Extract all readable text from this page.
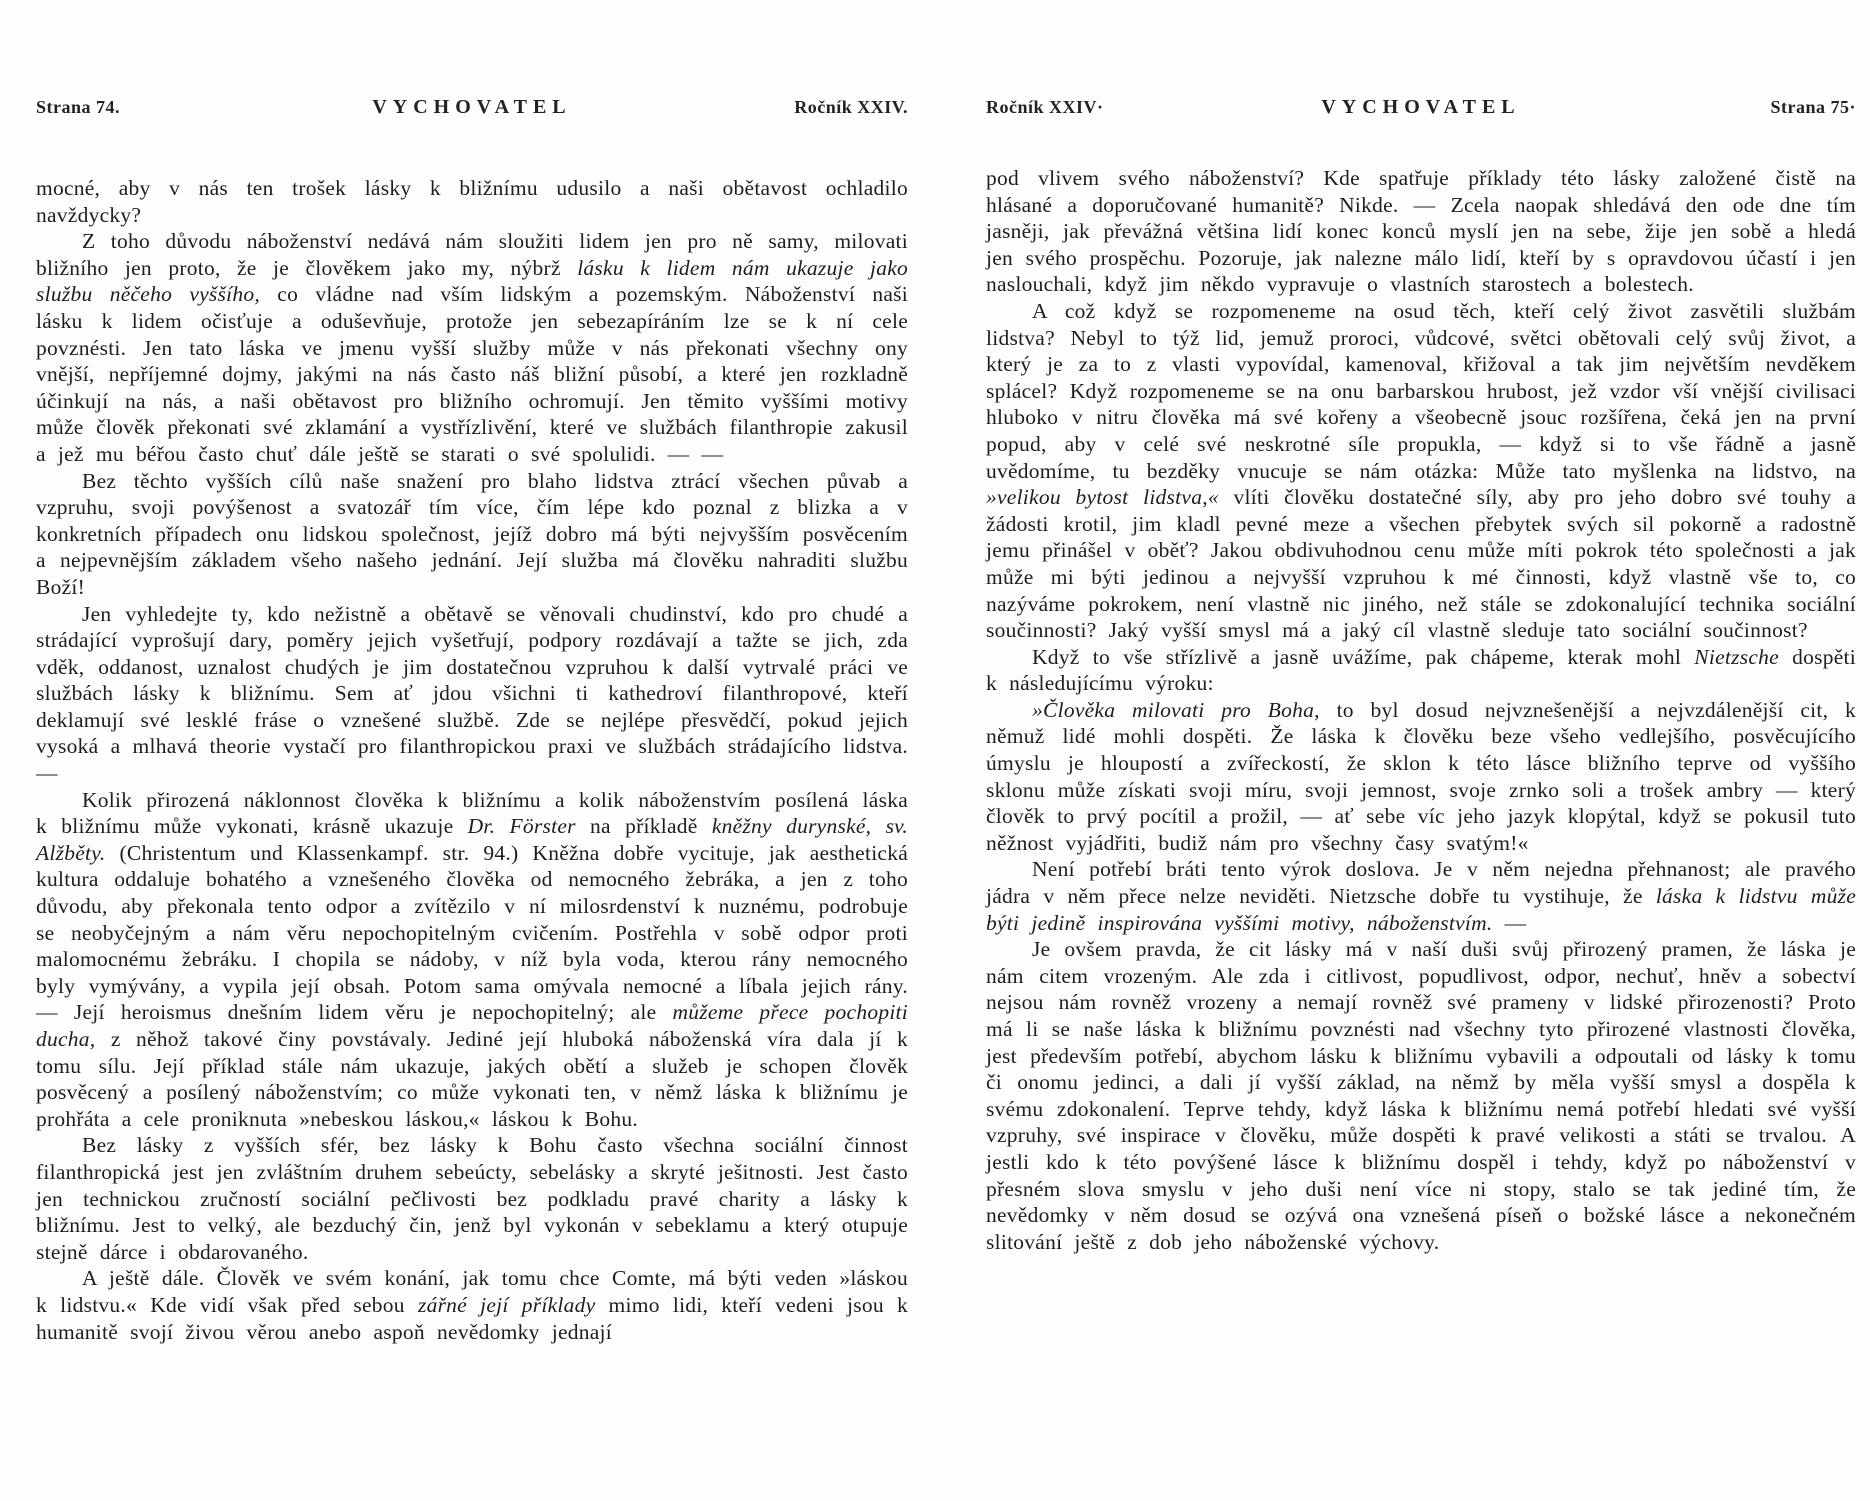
Strana 74.	VYCHOVATEL	Ročník XXIV.

mocné, aby v nás ten trošek lásky k bližnímu udusilo a naši obětavost ochladilo navždycky?

Z toho důvodu náboženství nedává nám sloužiti lidem jen pro ně samy, milovati bližního jen proto, že je člověkem jako my, nýbrž lásku k lidem nám ukazuje jako službu něčeho vyššího, co vládne nad vším lidským a pozemským. Náboženství naši lásku k lidem očisťuje a oduševňuje, protože jen sebezapíráním lze se k ní cele povznésti. Jen tato láska ve jmenu vyšší služby může v nás překonati všechny ony vnější, nepříjemné dojmy, jakými na nás často náš bližní působí, a které jen rozkladně účinkují na nás, a naši obětavost pro bližního ochromují. Jen těmito vyššími motivy může člověk překonati své zklamání a vystřízlivění, které ve službách filanthropie zakusil a jež mu béřou často chuť dále ještě se starati o své spolulidi. — —

Bez těchto vyšších cílů naše snažení pro blaho lidstva ztrácí všechen půvab a vzpruhu, svoji povýšenost a svatozář tím více, čím lépe kdo poznal z blizka a v konkretních případech onu lidskou společnost, jejíž dobro má býti nejvyšším posvěcením a nejpevnějším základem všeho našeho jednání. Její služba má člověku nahraditi službu Boží!

Jen vyhledejte ty, kdo nežistně a obětavě se věnovali chudinství, kdo pro chudé a strádající vyprošují dary, poměry jejich vyšetřují, podpory rozdávají a tažte se jich, zda vděk, oddanost, uznalost chudých je jim dostatečnou vzpruhou k další vytrvalé práci ve službách lásky k bližnímu. Sem ať jdou všichni ti kathedroví filanthropové, kteří deklamují své lesklé fráse o vznešené službě. Zde se nejlépe přesvědčí, pokud jejich vysoká a mlhavá theorie vystačí pro filanthropickou praxi ve službách strádajícího lidstva. —

Kolik přirozená náklonnost člověka k bližnímu a kolik náboženstvím posílená láska k bližnímu může vykonati, krásně ukazuje Dr. Förster na příkladě kněžny durynské, sv. Alžběty. (Christentum und Klassenkampf. str. 94.) Kněžna dobře vycituje, jak aesthetická kultura oddaluje bohatého a vznešeného člověka od nemocného žebráka, a jen z toho důvodu, aby překonala tento odpor a zvítězilo v ní milosrdenství k nuznému, podrobuje se neobyčejným a nám věru nepochopitelným cvičením. Postřehla v sobě odpor proti malomocnému žebráku. I chopila se nádoby, v níž byla voda, kterou rány nemocného byly vymývány, a vypila její obsah. Potom sama omývala nemocné a líbala jejich rány. — Její heroismus dnešním lidem věru je nepochopitelný; ale můžeme přece pochopiti ducha, z něhož takové činy povstávaly. Jediné její hluboká náboženská víra dala jí k tomu sílu. Její příklad stále nám ukazuje, jakých obětí a služeb je schopen člověk posvěcený a posílený náboženstvím; co může vykonati ten, v němž láska k bližnímu je prohřáta a cele proniknuta »nebeskou láskou,« láskou k Bohu.

Bez lásky z vyšších sfér, bez lásky k Bohu často všechna sociální činnost filanthropická jest jen zvláštním druhem sebeúcty, sebelásky a skryté ješitnosti. Jest často jen technickou zručností sociální pečlivosti bez podkladu pravé charity a lásky k bližnímu. Jest to velký, ale bezduchý čin, jenž byl vykonán v sebeklamu a který otupuje stejně dárce i obdarovaného.

A ještě dále. Člověk ve svém konání, jak tomu chce Comte, má býti veden »láskou k lidstvu.« Kde vidí však před sebou zářné její příklady mimo lidi, kteří vedeni jsou k humanitě svojí živou věrou anebo aspoň nevědomky jednají

Ročník XXIV·	VYCHOVATEL	Strana 75·

pod vlivem svého náboženství? Kde spatřuje příklady této lásky založené čistě na hlásané a doporučované humanitě? Nikde. — Zcela naopak shledává den ode dne tím jasněji, jak převážná většina lidí konec konců myslí jen na sebe, žije jen sobě a hledá jen svého prospěchu. Pozoruje, jak nalezne málo lidí, kteří by s opravdovou účastí i jen naslouchali, když jim někdo vypravuje o vlastních starostech a bolestech.

A což když se rozpomeneme na osud těch, kteří celý život zasvětili službám lidstva? Nebyl to týž lid, jemuž proroci, vůdcové, světci obětovali celý svůj život, a který je za to z vlasti vypovídal, kamenoval, křižoval a tak jim největším nevděkem splácel? Když rozpomeneme se na onu barbarskou hrubost, jež vzdor vší vnější civilisaci hluboko v nitru člověka má své kořeny a všeobecně jsouc rozšířena, čeká jen na první popud, aby v celé své neskrotné síle propukla, — když si to vše řádně a jasně uvědomíme, tu bezděky vnucuje se nám otázka: Může tato myšlenka na lidstvo, na »velikou bytost lidstva,« vlíti člověku dostatečné síly, aby pro jeho dobro své touhy a žádosti krotil, jim kladl pevné meze a všechen přebytek svých sil pokorně a radostně jemu přinášel v oběť? Jakou obdivuhodnou cenu může míti pokrok této společnosti a jak může mi býti jedinou a nejvyšší vzpruhou k mé činnosti, když vlastně vše to, co nazýváme pokrokem, není vlastně nic jiného, než stále se zdokonalující technika sociální součinnosti? Jaký vyšší smysl má a jaký cíl vlastně sleduje tato sociální součinnost?

Když to vše střízlivě a jasně uvážíme, pak chápeme, kterak mohl Nietzsche dospěti k následujícímu výroku:

»Člověka milovati pro Boha, to byl dosud nejvznešenější a nejvzdálenější cit, k němuž lidé mohli dospěti. Že láska k člověku beze všeho vedlejšího, posvěcujícího úmyslu je hloupostí a zvířeckostí, že sklon k této lásce bližního teprve od vyššího sklonu může získati svoji míru, svoji jemnost, svoje zrnko soli a trošek ambry — který člověk to prvý pocítil a prožil, — ať sebe víc jeho jazyk klopýtal, když se pokusil tuto něžnost vyjádřiti, budiž nám pro všechny časy svatým!«

Není potřebí bráti tento výrok doslova. Je v něm nejedna přehnanost; ale pravého jádra v něm přece nelze neviděti. Nietzsche dobře tu vystihuje, že láska k lidstvu může býti jedině inspirována vyššími motivy, náboženstvím. —

Je ovšem pravda, že cit lásky má v naší duši svůj přirozený pramen, že láska je nám citem vrozeným. Ale zda i citlivost, popudlivost, odpor, nechuť, hněv a sobectví nejsou nám rovněž vrozeny a nemají rovněž své prameny v lidské přirozenosti? Proto má li se naše láska k bližnímu povznésti nad všechny tyto přirozené vlastnosti člověka, jest především potřebí, abychom lásku k bližnímu vybavili a odpoutali od lásky k tomu či onomu jedinci, a dali jí vyšší základ, na němž by měla vyšší smysl a dospěla k svému zdokonalení. Teprve tehdy, když láska k bližnímu nemá potřebí hledati své vyšší vzpruhy, své inspirace v člověku, může dospěti k pravé velikosti a státi se trvalou. A jestli kdo k této povýšené lásce k bližnímu dospěl i tehdy, když po náboženství v přesném slova smyslu v jeho duši není více ni stopy, stalo se tak jediné tím, že nevědomky v něm dosud se ozývá ona vznešená píseň o božské lásce a nekonečném slitování ještě z dob jeho náboženské výchovy.
